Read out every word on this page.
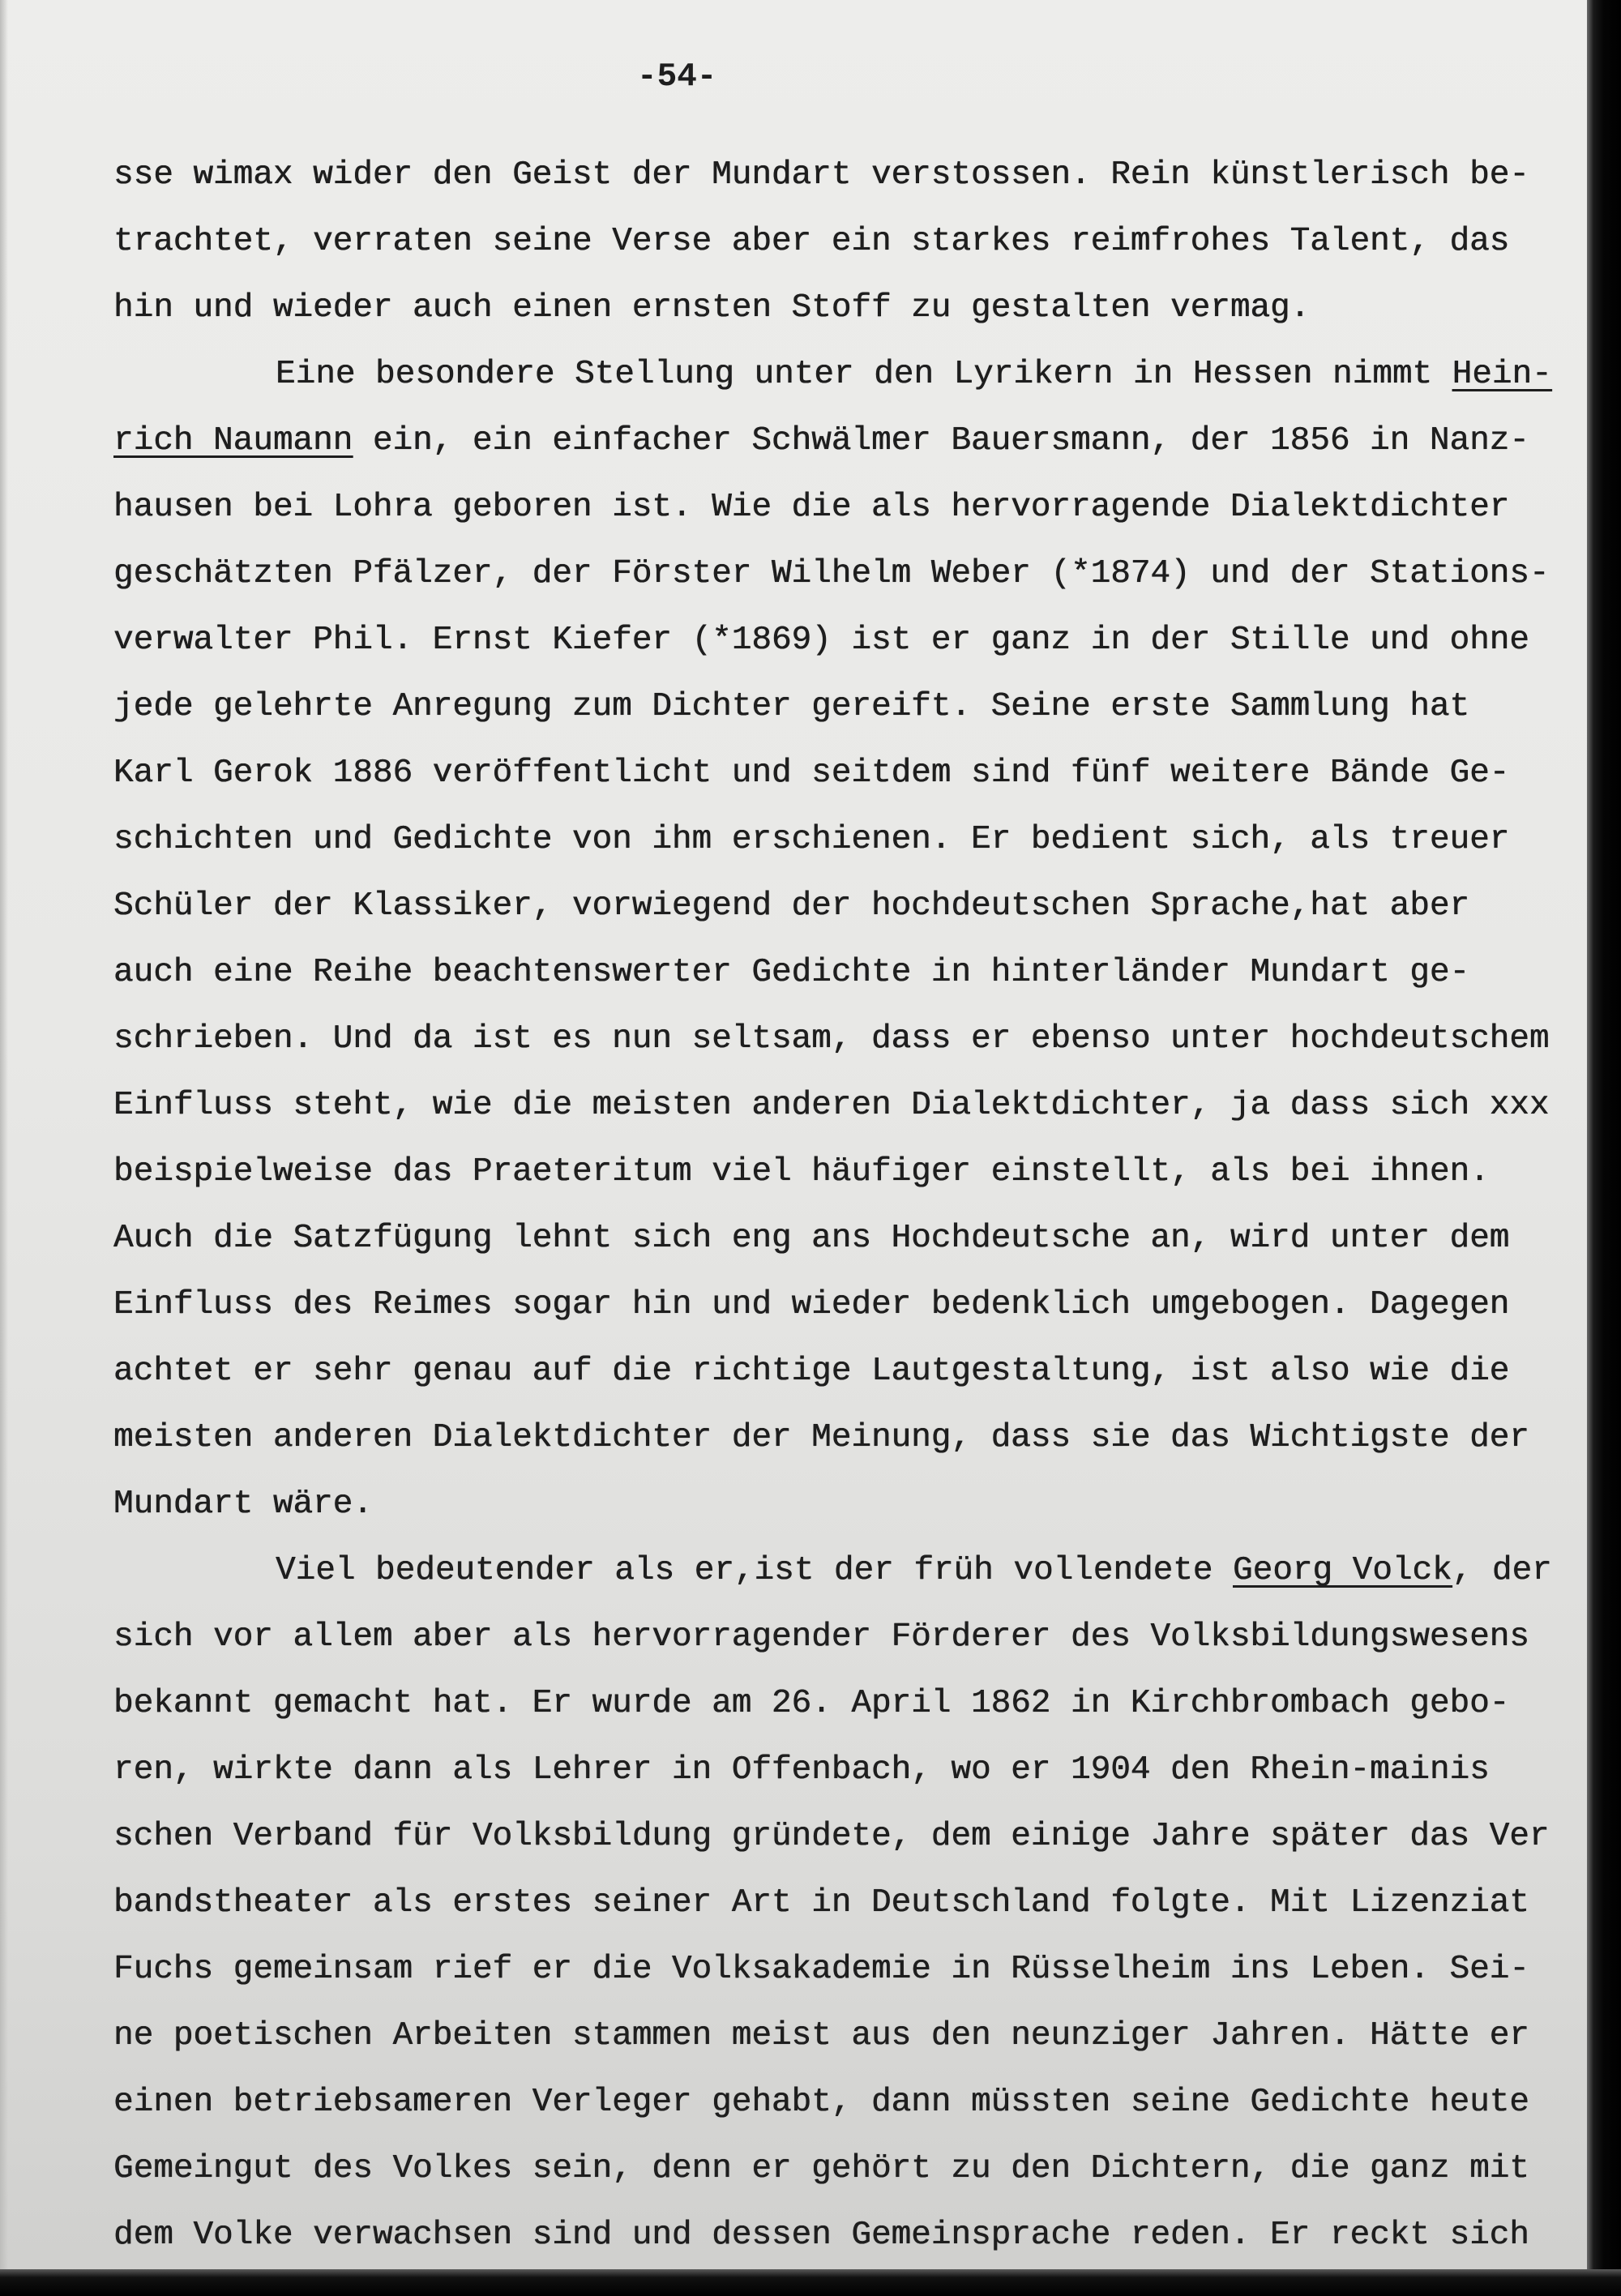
-54-
sse wimax wider den Geist der Mundart verstossen. Rein künstlerisch be-
trachtet, verraten seine Verse aber ein starkes reimfrohes Talent, das
hin und wieder auch einen ernsten Stoff zu gestalten vermag.
Eine besondere Stellung unter den Lyrikern in Hessen nimmt Hein-
rich Naumann ein, ein einfacher Schwälmer Bauersmann, der 1856 in Nanz-
hausen bei Lohra geboren ist. Wie die als hervorragende Dialektdichter
geschätzten Pfälzer, der Förster Wilhelm Weber (*1874) und der Stations-
verwalter Phil. Ernst Kiefer (*1869) ist er ganz in der Stille und ohne
jede gelehrte Anregung zum Dichter gereift. Seine erste Sammlung hat
Karl Gerok 1886 veröffentlicht und seitdem sind fünf weitere Bände Ge-
schichten und Gedichte von ihm erschienen. Er bedient sich, als treuer
Schüler der Klassiker, vorwiegend der hochdeutschen Sprache,hat aber
auch eine Reihe beachtenswerter Gedichte in hinterländer Mundart ge-
schrieben. Und da ist es nun seltsam, dass er ebenso unter hochdeutschem
Einfluss steht, wie die meisten anderen Dialektdichter, ja dass sich xxx
beispielweise das Praeteritum viel häufiger einstellt, als bei ihnen.
Auch die Satzfügung lehnt sich eng ans Hochdeutsche an, wird unter dem
Einfluss des Reimes sogar hin und wieder bedenklich umgebogen. Dagegen
achtet er sehr genau auf die richtige Lautgestaltung, ist also wie die
meisten anderen Dialektdichter der Meinung, dass sie das Wichtigste der
Mundart wäre.
Viel bedeutender als er,ist der früh vollendete Georg Volck, der
sich vor allem aber als hervorragender Förderer des Volksbildungswesens
bekannt gemacht hat. Er wurde am 26. April 1862 in Kirchbrombach gebo-
ren, wirkte dann als Lehrer in Offenbach, wo er 1904 den Rhein-mainis
schen Verband für Volksbildung gründete, dem einige Jahre später das Ver
bandstheater als erstes seiner Art in Deutschland folgte. Mit Lizenziat
Fuchs gemeinsam rief er die Volksakademie in Rüsselheim ins Leben. Sei-
ne poetischen Arbeiten stammen meist aus den neunziger Jahren. Hätte er
einen betriebsameren Verleger gehabt, dann müssten seine Gedichte heute
Gemeingut des Volkes sein, denn er gehört zu den Dichtern, die ganz mit
dem Volke verwachsen sind und dessen Gemeinsprache reden. Er reckt sich
